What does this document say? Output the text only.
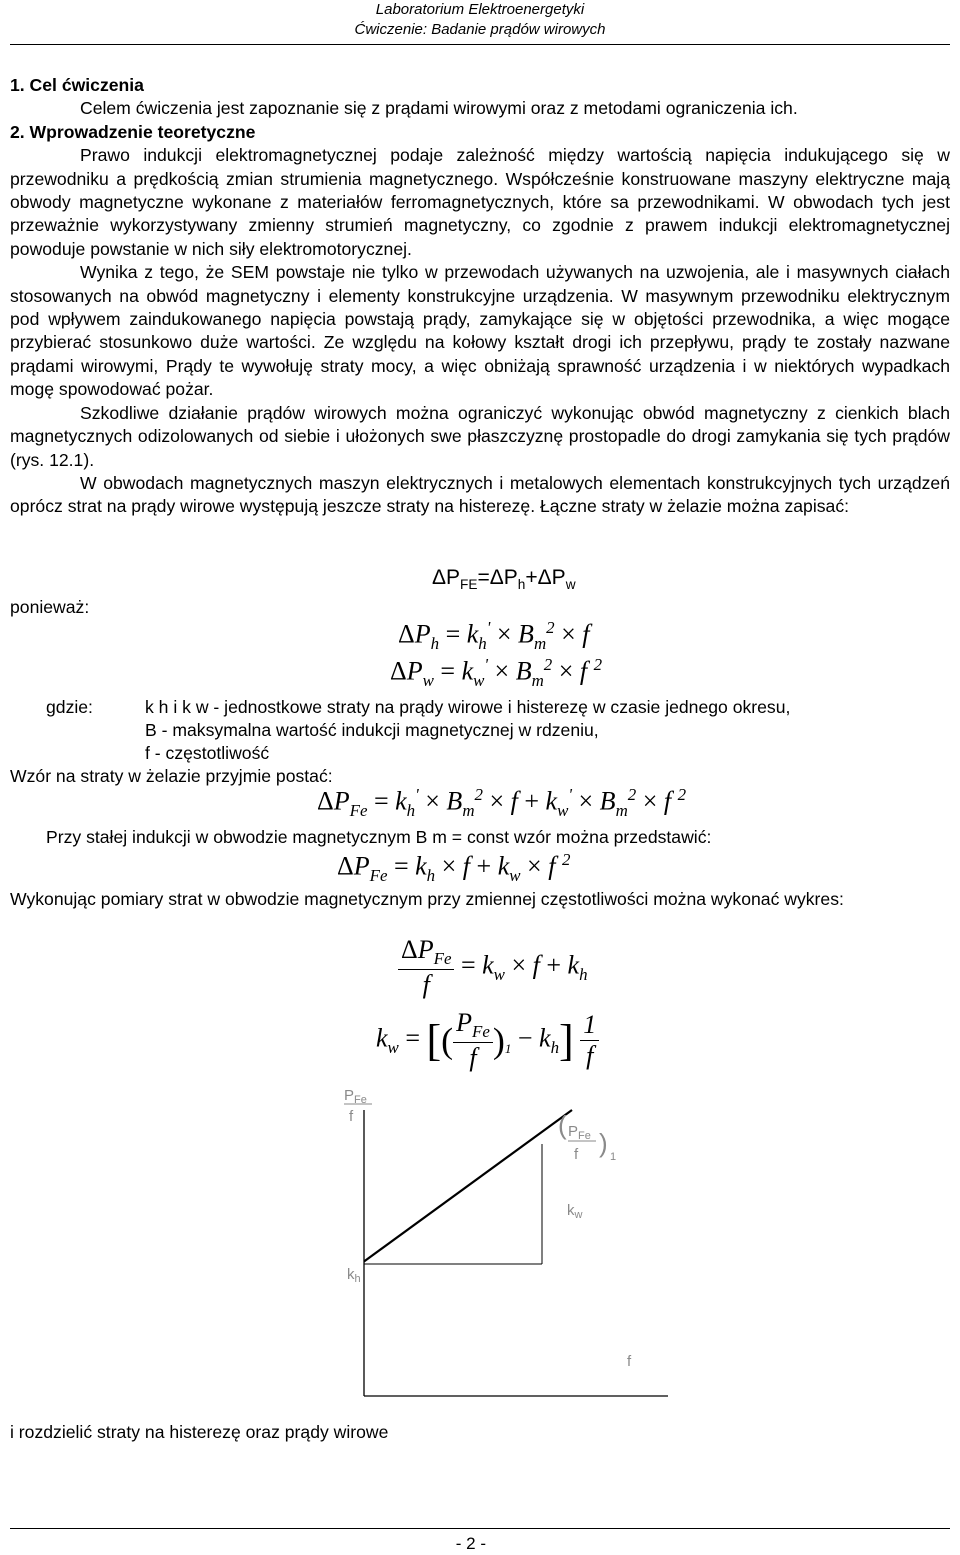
Laboratorium Elektroenergetyki
Ćwiczenie: Badanie prądów wirowych

1. Cel ćwiczenia

Celem ćwiczenia jest zapoznanie się z prądami wirowymi oraz z metodami ograniczenia ich.

2. Wprowadzenie teoretyczne

Prawo indukcji elektromagnetycznej podaje zależność między wartością napięcia indukującego się w przewodniku a prędkością zmian strumienia magnetycznego. Współcześnie konstruowane maszyny elektryczne mają obwody magnetyczne wykonane z materiałów ferromagnetycznych, które sa przewodnikami. W obwodach tych jest przeważnie wykorzystywany zmienny strumień magnetyczny, co zgodnie z prawem indukcji elektromagnetycznej powoduje powstanie w nich siły elektromotorycznej.

Wynika z tego, że SEM powstaje nie tylko w przewodach używanych na uzwojenia, ale i masywnych ciałach stosowanych na obwód magnetyczny i elementy konstrukcyjne urządzenia. W masywnym przewodniku elektrycznym pod wpływem zaindukowanego napięcia powstają prądy, zamykające się w objętości przewodnika, a więc mogące przybierać stosunkowo duże wartości. Ze względu na kołowy kształt drogi ich przepływu, prądy te zostały nazwane prądami wirowymi, Prądy te wywołuję straty mocy, a więc obniżają sprawność urządzenia i w niektórych wypadkach mogę spowodować pożar.

Szkodliwe działanie prądów wirowych można ograniczyć wykonując obwód magnetyczny z cienkich blach magnetycznych odizolowanych od siebie i ułożonych swe płaszczyznę prostopadle do drogi zamykania się tych prądów (rys. 12.1).

W obwodach magnetycznych maszyn elektrycznych i metalowych elementach konstrukcyjnych tych urządzeń oprócz strat na prądy wirowe występują jeszcze straty na histerezę. Łączne straty w żelazie można zapisać:

$\Delta P_{FE}=\Delta P_h+\Delta P_w$
ponieważ:
$\Delta P_h = k_h' \times B_m^2 \times f$
$\Delta P_w = k_w' \times B_m^2 \times f$ $^2$
gdzie:	k h i k w - jednostkowe straty na prądy wirowe i histerezę w czasie jednego okresu,
B - maksymalna wartość indukcji magnetycznej w rdzeniu,
f - częstotliwość
Wzór na straty w żelazie przyjmie postać:
$\Delta P_{Fe} = k_h' \times B_m^2 \times f + k_w' \times B_m^2 \times f$ $^2$
Przy stałej indukcji w obwodzie magnetycznym B m = const wzór można przedstawić:
$\Delta P_{Fe} = k_h \times f + k_w \times f$ $^2$
Wykonując pomiary strat w obwodzie magnetycznym przy zmiennej częstotliwości można wykonać wykres:
$\frac{\Delta P_{Fe}}{f} = k_w \times f + k_h$
$k_w$ = [( $\frac{P_{Fe}}{f} )_1 - k_h] \frac{1}{f}$
$P_{Fe}$
f	( $P_{Fe}$
f ) 1
$k_w$
$k_h$
f
i rozdzielić straty na histerezę oraz prądy wirowe
- 2 -
